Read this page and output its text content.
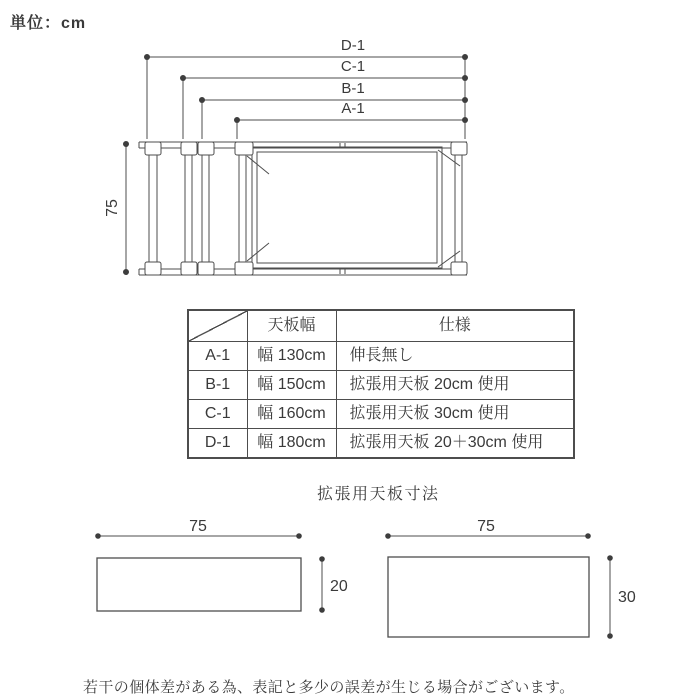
単位：cm
D-1
C-1
B-1
A-1
75
	天板幅	仕様
A-1	幅 130cm	伸長無し
B-1	幅 150cm	拡張用天板 20cm 使用
C-1	幅 160cm	拡張用天板 30cm 使用
D-1	幅 180cm	拡張用天板 20＋30cm 使用
拡張用天板寸法
75
20
75
30
若干の個体差がある為、表記と多少の誤差が生じる場合がございます。
